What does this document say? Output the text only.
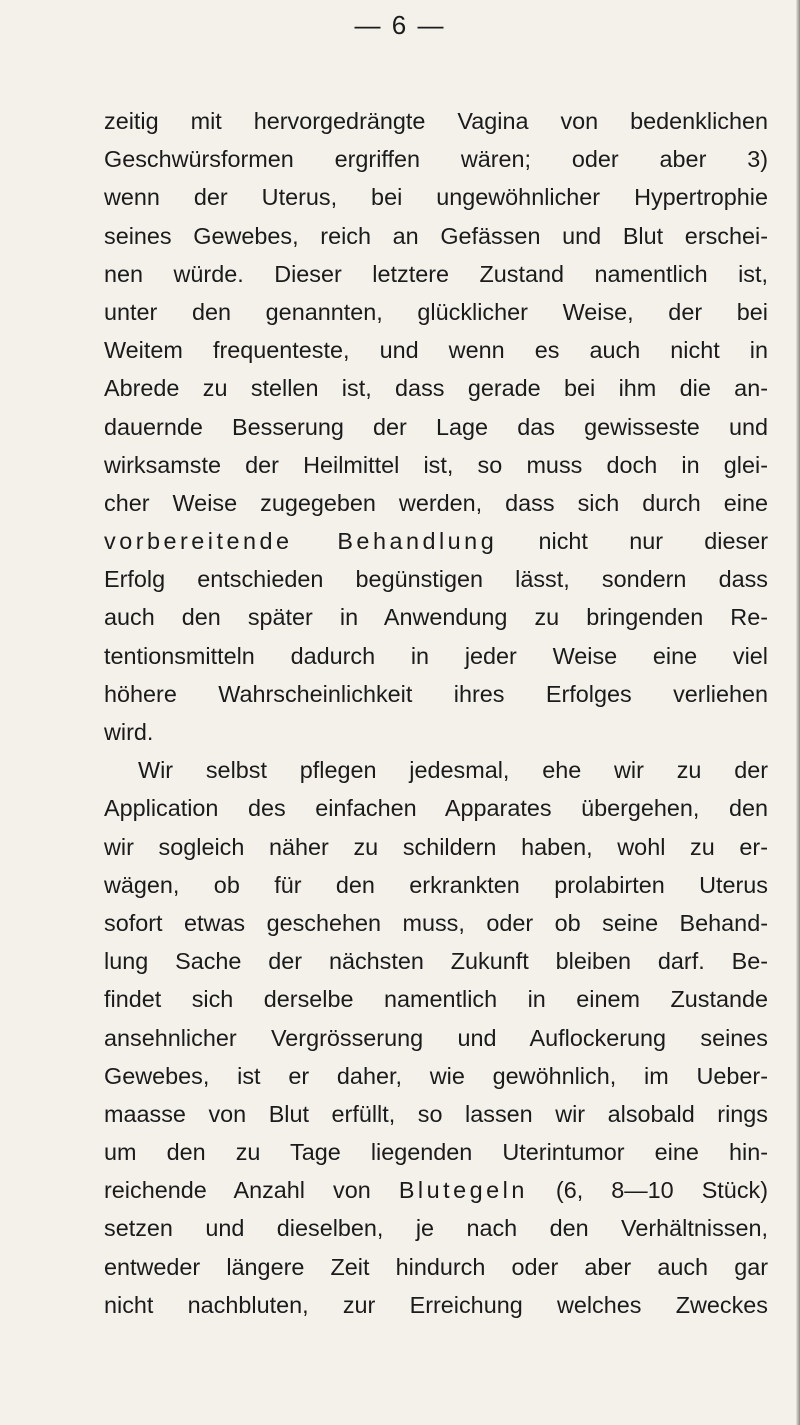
— 6 —
zeitig mit hervorgedrängte Vagina von bedenklichen
Geschwürsformen ergriffen wären; oder aber 3)
wenn der Uterus, bei ungewöhnlicher Hypertrophie
seines Gewebes, reich an Gefässen und Blut erschei-
nen würde. Dieser letztere Zustand namentlich ist,
unter den genannten, glücklicher Weise, der bei
Weitem frequenteste, und wenn es auch nicht in
Abrede zu stellen ist, dass gerade bei ihm die an-
dauernde Besserung der Lage das gewisseste und
wirksamste der Heilmittel ist, so muss doch in glei-
cher Weise zugegeben werden, dass sich durch eine
vorbereitende Behandlung nicht nur dieser
Erfolg entschieden begünstigen lässt, sondern dass
auch den später in Anwendung zu bringenden Re-
tentionsmitteln dadurch in jeder Weise eine viel
höhere Wahrscheinlichkeit ihres Erfolges verliehen
wird.
Wir selbst pflegen jedesmal, ehe wir zu der
Application des einfachen Apparates übergehen, den
wir sogleich näher zu schildern haben, wohl zu er-
wägen, ob für den erkrankten prolabirten Uterus
sofort etwas geschehen muss, oder ob seine Behand-
lung Sache der nächsten Zukunft bleiben darf. Be-
findet sich derselbe namentlich in einem Zustande
ansehnlicher Vergrösserung und Auflockerung seines
Gewebes, ist er daher, wie gewöhnlich, im Ueber-
maasse von Blut erfüllt, so lassen wir alsobald rings
um den zu Tage liegenden Uterintumor eine hin-
reichende Anzahl von Blutegeln (6, 8—10 Stück)
setzen und dieselben, je nach den Verhältnissen,
entweder längere Zeit hindurch oder aber auch gar
nicht nachbluten, zur Erreichung welches Zweckes
